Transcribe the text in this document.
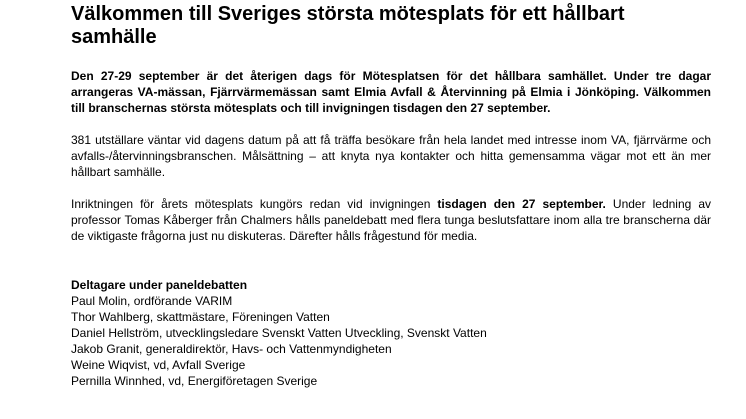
Välkommen till Sveriges största mötesplats för ett hållbart samhälle

Den 27-29 september är det återigen dags för Mötesplatsen för det hållbara samhället. Under tre dagar arrangeras VA-mässan, Fjärrvärmemässan samt Elmia Avfall & Återvinning på Elmia i Jönköping. Välkommen till branschernas största mötesplats och till invigningen tisdagen den 27 september.

381 utställare väntar vid dagens datum på att få träffa besökare från hela landet med intresse inom VA, fjärrvärme och avfalls-/återvinningsbranschen. Målsättning – att knyta nya kontakter och hitta gemensamma vägar mot ett än mer hållbart samhälle.

Inriktningen för årets mötesplats kungörs redan vid invigningen tisdagen den 27 september. Under ledning av professor Tomas Kåberger från Chalmers hålls paneldebatt med flera tunga beslutsfattare inom alla tre branscherna där de viktigaste frågorna just nu diskuteras. Därefter hålls frågestund för media.

Deltagare under paneldebatten

Paul Molin, ordförande VARIM
Thor Wahlberg, skattmästare, Föreningen Vatten
Daniel Hellström, utvecklingsledare Svenskt Vatten Utveckling, Svenskt Vatten
Jakob Granit, generaldirektör, Havs- och Vattenmyndigheten
Weine Wiqvist, vd, Avfall Sverige
Pernilla Winnhed, vd, Energiföretagen Sverige
